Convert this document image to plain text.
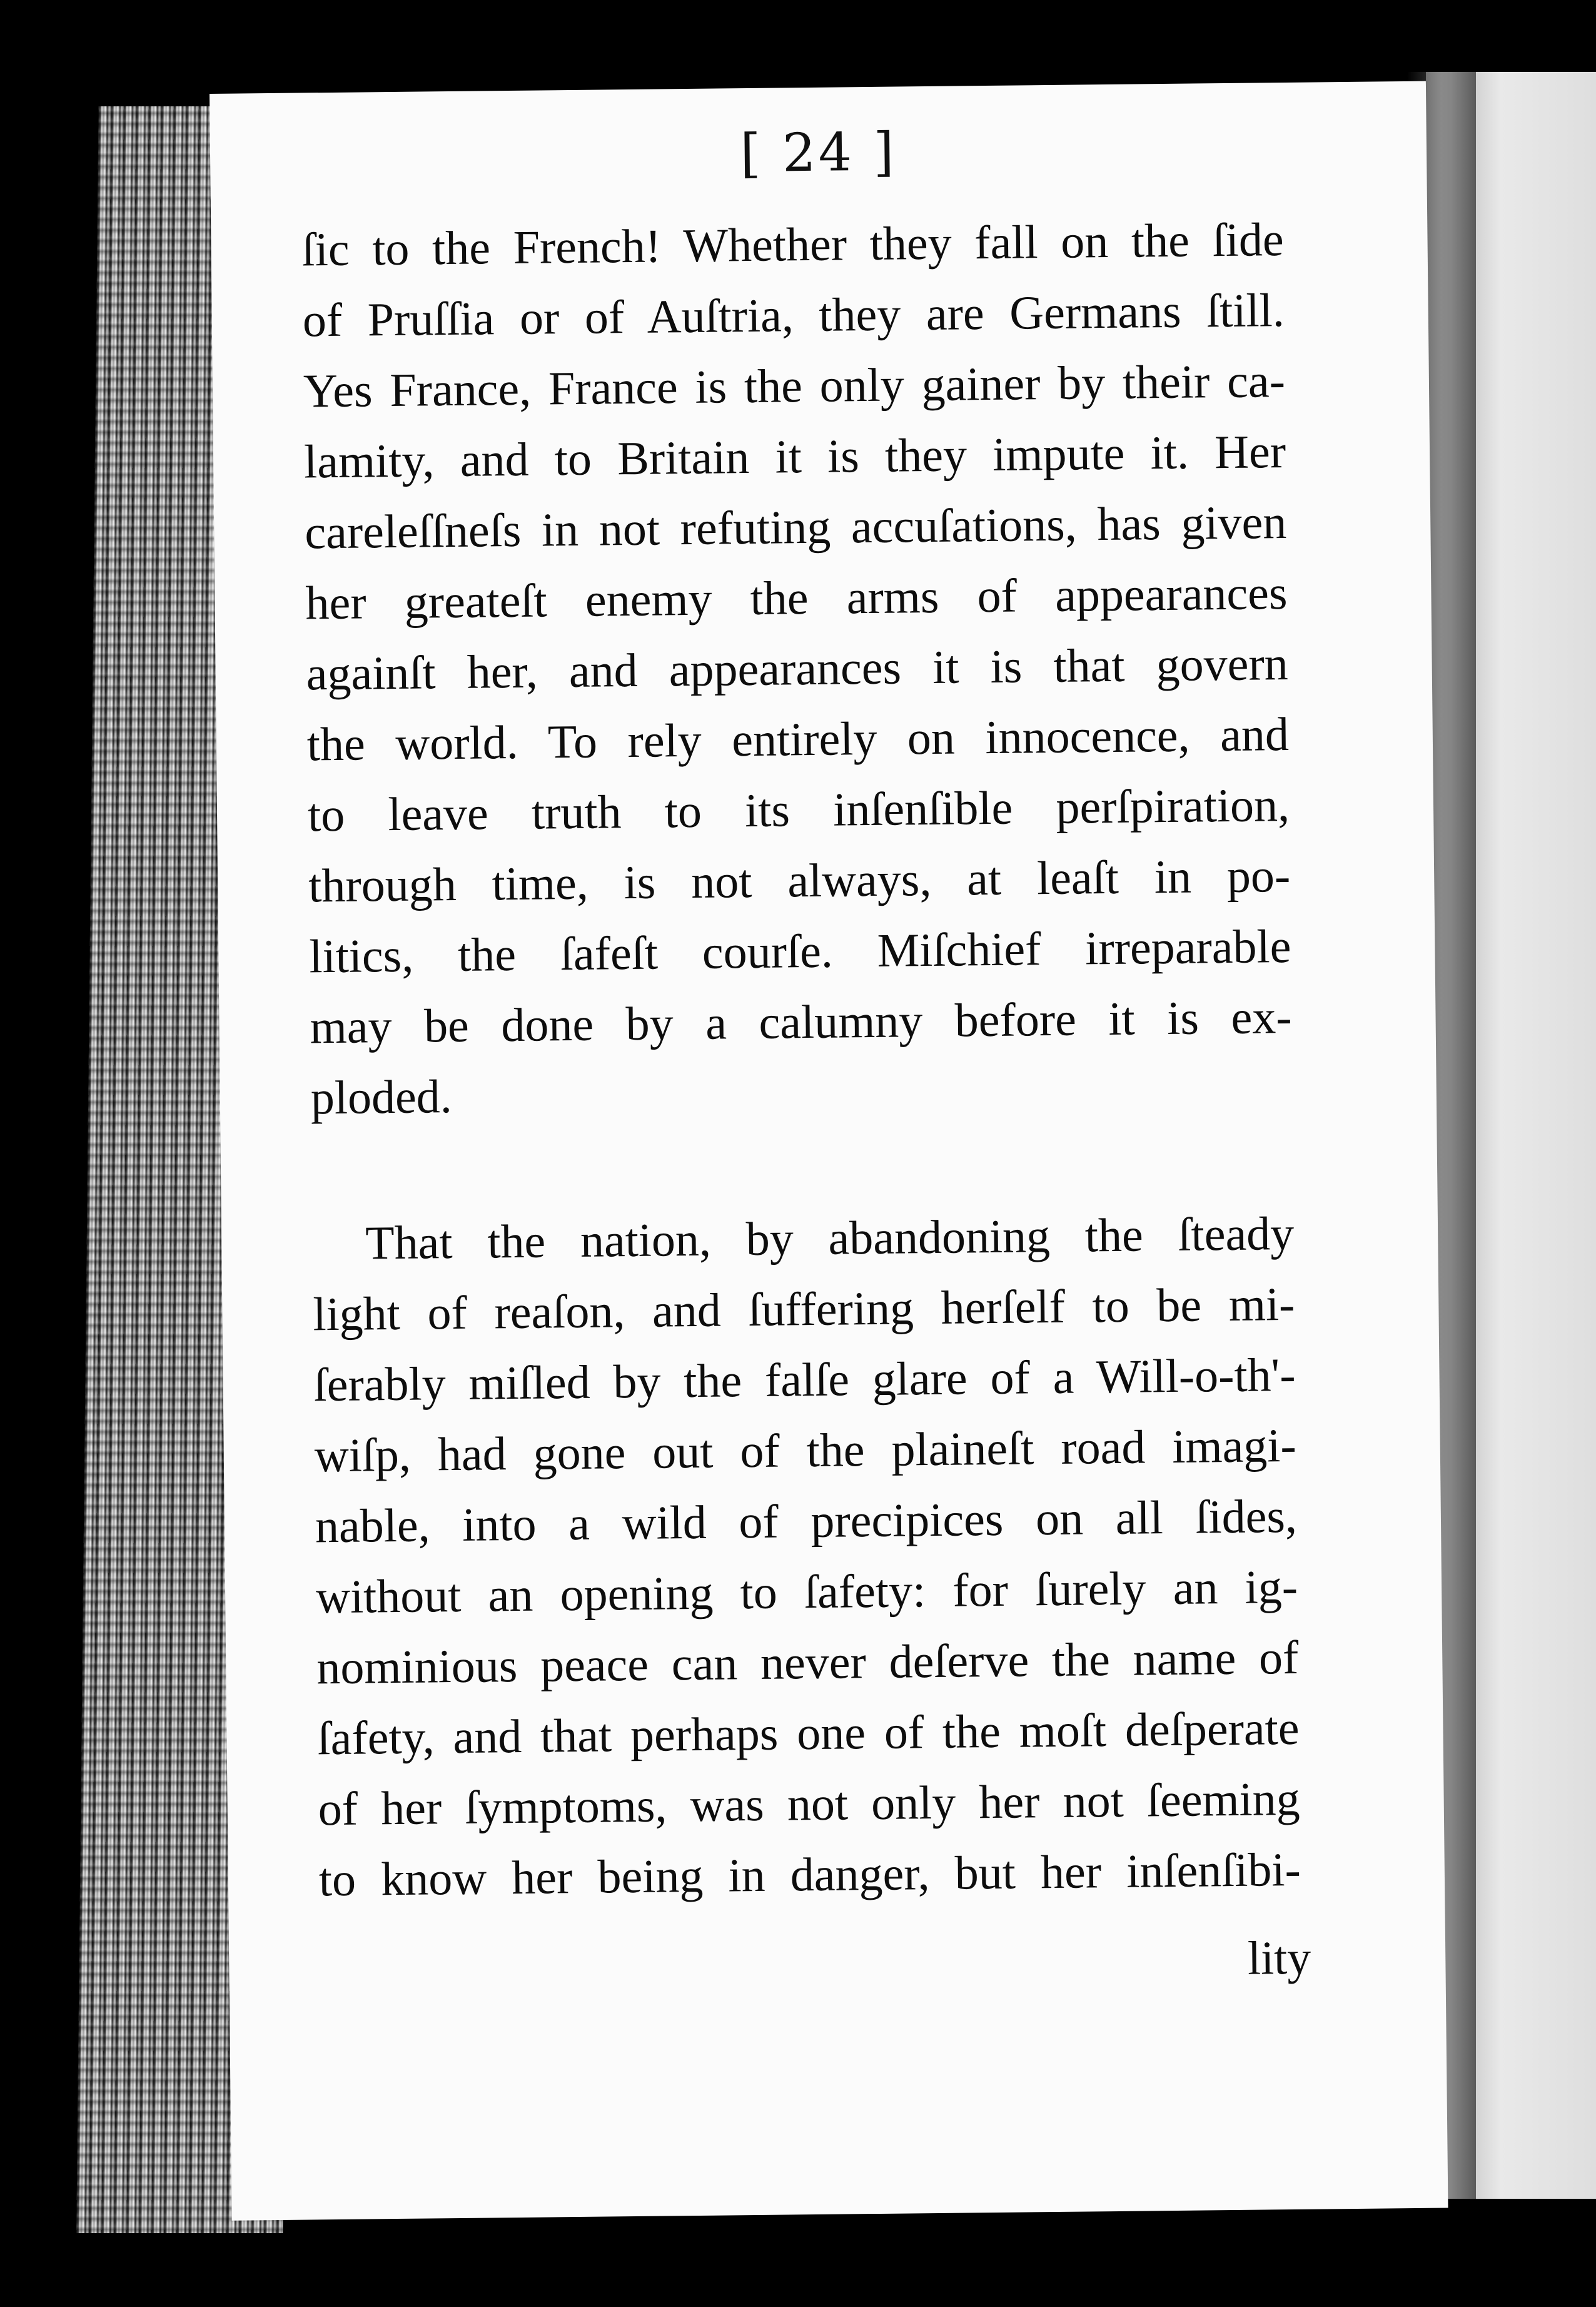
[ 24 ]
ſic to the French! Whether they fall on the ſide
of Pruſſia or of Auſtria, they are Germans ſtill.
Yes France, France is the only gainer by their ca-
lamity, and to Britain it is they impute it. Her
careleſſneſs in not refuting accuſations, has given
her greateſt enemy the arms of appearances
againſt her, and appearances it is that govern
the world. To rely entirely on innocence, and
to leave truth to its inſenſible perſpiration,
through time, is not always, at leaſt in po-
litics, the ſafeſt courſe. Miſchief irreparable
may be done by a calumny before it is ex-
ploded.
That the nation, by abandoning the ſteady
light of reaſon, and ſuffering herſelf to be mi-
ſerably miſled by the falſe glare of a Will-o-th'-
wiſp, had gone out of the plaineſt road imagi-
nable, into a wild of precipices on all ſides,
without an opening to ſafety: for ſurely an ig-
nominious peace can never deſerve the name of
ſafety, and that perhaps one of the moſt deſperate
of her ſymptoms, was not only her not ſeeming
to know her being in danger, but her inſenſibi-
lity
